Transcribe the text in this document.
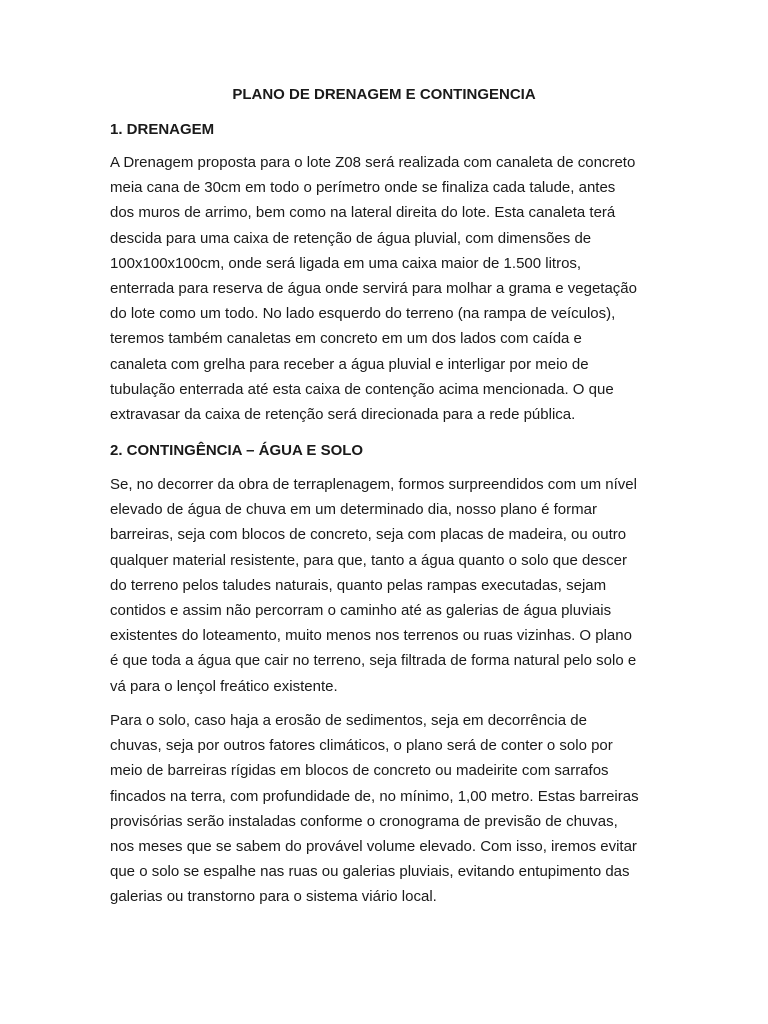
PLANO DE DRENAGEM E CONTINGENCIA
1. DRENAGEM
A Drenagem proposta para o lote Z08 será realizada com canaleta de concreto
meia cana de 30cm em todo o perímetro onde se finaliza cada talude, antes
dos muros de arrimo, bem como na lateral direita do lote. Esta canaleta terá
descida para uma caixa de retenção de água pluvial, com dimensões de
100x100x100cm, onde será ligada em uma caixa maior de 1.500 litros,
enterrada para reserva de água onde servirá para molhar a grama e vegetação
do lote como um todo. No lado esquerdo do terreno (na rampa de veículos),
teremos também canaletas em concreto em um dos lados com caída e
canaleta com grelha para receber a água pluvial e interligar por meio de
tubulação enterrada até esta caixa de contenção acima mencionada. O que
extravasar da caixa de retenção será direcionada para a rede pública.
2. CONTINGÊNCIA – ÁGUA E SOLO
Se, no decorrer da obra de terraplenagem, formos surpreendidos com um nível
elevado de água de chuva em um determinado dia, nosso plano é formar
barreiras, seja com blocos de concreto, seja com placas de madeira, ou outro
qualquer material resistente, para que, tanto a água quanto o solo que descer
do terreno pelos taludes naturais, quanto pelas rampas executadas, sejam
contidos e assim não percorram o caminho até as galerias de água pluviais
existentes do loteamento, muito menos nos terrenos ou ruas vizinhas. O plano
é que toda a água que cair no terreno, seja filtrada de forma natural pelo solo e
vá para o lençol freático existente.
Para o solo, caso haja a erosão de sedimentos, seja em decorrência de
chuvas, seja por outros fatores climáticos, o plano será de conter o solo por
meio de barreiras rígidas em blocos de concreto ou madeirite com sarrafos
fincados na terra, com profundidade de, no mínimo, 1,00 metro. Estas barreiras
provisórias serão instaladas conforme o cronograma de previsão de chuvas,
nos meses que se sabem do provável volume elevado. Com isso, iremos evitar
que o solo se espalhe nas ruas ou galerias pluviais, evitando entupimento das
galerias ou transtorno para o sistema viário local.
